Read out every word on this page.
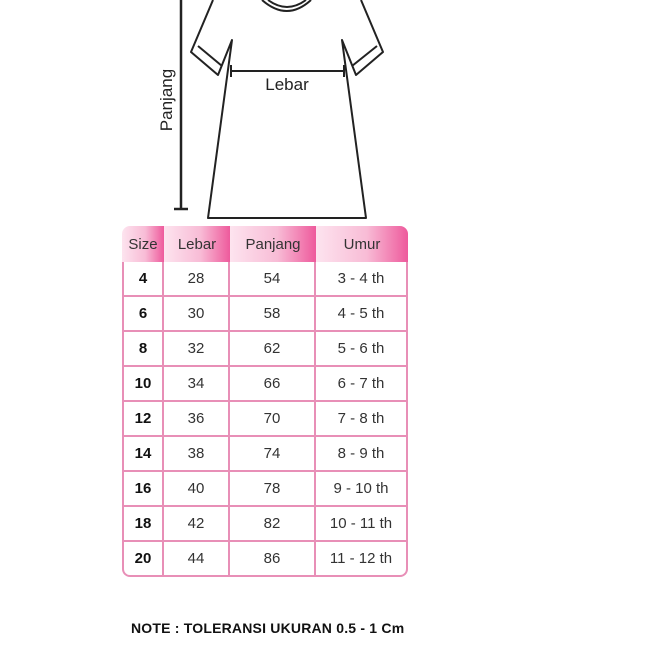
Panjang	Lebar
Size	Lebar	Panjang	Umur
4	28	54	3 - 4 th
6	30	58	4 - 5 th
8	32	62	5 - 6 th
10	34	66	6 - 7 th
12	36	70	7 - 8 th
14	38	74	8 - 9 th
16	40	78	9 - 10 th
18	42	82	10 - 11 th
20	44	86	11 - 12 th
NOTE : TOLERANSI UKURAN 0.5 - 1 Cm
